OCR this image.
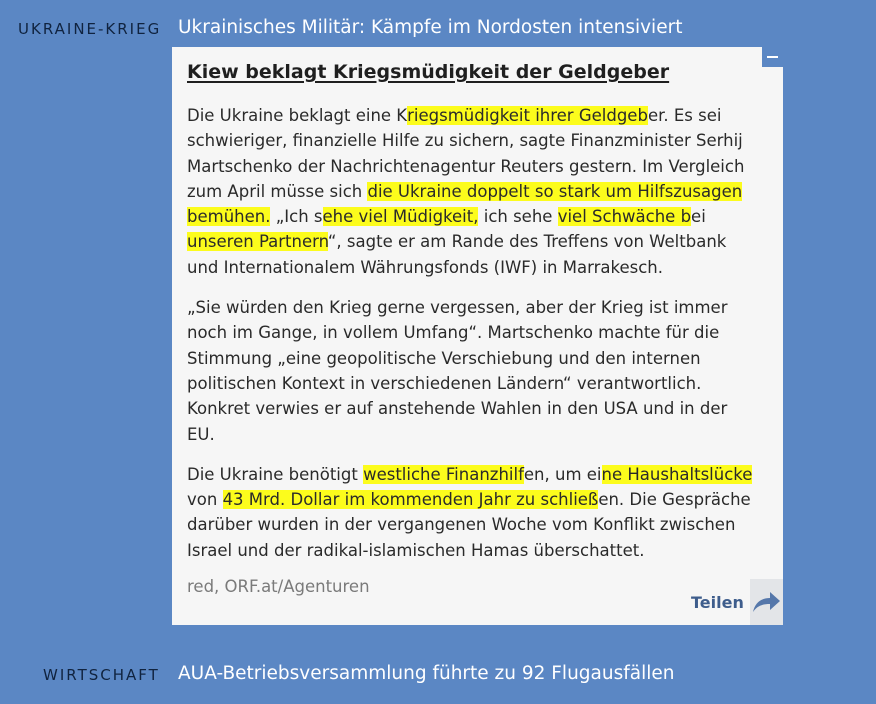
UKRAINE-KRIEG Ukrainisches Militär: Kämpfe im Nordosten intensiviert
Kiew beklagt Kriegsmüdigkeit der Geldgeber

Die Ukraine beklagt eine Kriegsmüdigkeit ihrer Geldgeber. Es sei schwieriger, finanzielle Hilfe zu sichern, sagte Finanzminister Serhij Martschenko der Nachrichtenagentur Reuters gestern. Im Vergleich zum April müsse sich die Ukraine doppelt so stark um Hilfszusagen bemühen. „Ich sehe viel Müdigkeit, ich sehe viel Schwäche bei unseren Partnern“, sagte er am Rande des Treffens von Weltbank und Internationalem Währungsfonds (IWF) in Marrakesch.

„Sie würden den Krieg gerne vergessen, aber der Krieg ist immer noch im Gange, in vollem Umfang“. Martschenko machte für die Stimmung „eine geopolitische Verschiebung und den internen politischen Kontext in verschiedenen Ländern“ verantwortlich. Konkret verwies er auf anstehende Wahlen in den USA und in der EU.

Die Ukraine benötigt westliche Finanzhilfen, um eine Haushaltslücke von 43 Mrd. Dollar im kommenden Jahr zu schließen. Die Gespräche darüber wurden in der vergangenen Woche vom Konflikt zwischen Israel und der radikal-islamischen Hamas überschattet.

red, ORF.at/Agenturen
Teilen
WIRTSCHAFT AUA-Betriebsversammlung führte zu 92 Flugausfällen
